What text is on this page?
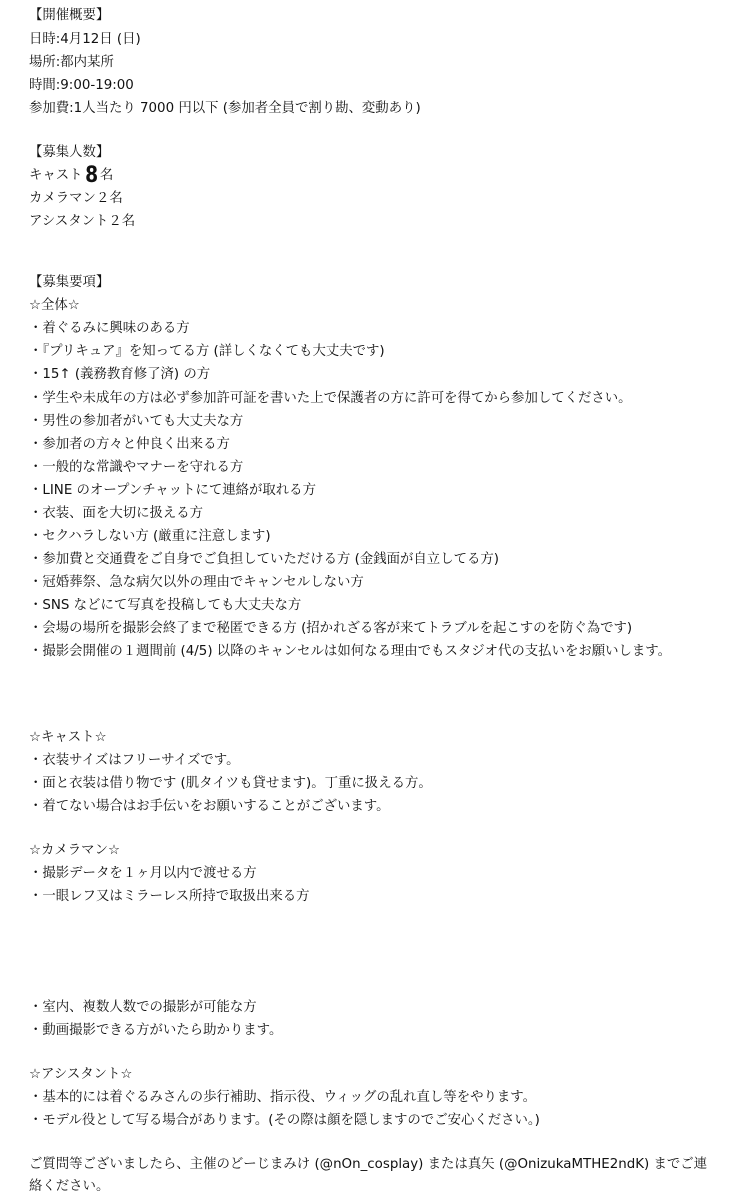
【開催概要】
日時:4月12日 (日)
場所:都内某所
時間:9:00-19:00
参加費:1人当たり 7000 円以下 (参加者全員で割り勘、変動あり)
【募集人数】
キャスト8 名
カメラマン２名
アシスタント２名
【募集要項】
☆全体☆
・着ぐるみに興味のある方
・『プリキュア』を知ってる方 (詳しくなくても大丈夫です)
・15↑ (義務教育修了済) の方
・学生や未成年の方は必ず参加許可証を書いた上で保護者の方に許可を得てから参加してください。
・男性の参加者がいても大丈夫な方
・参加者の方々と仲良く出来る方
・一般的な常識やマナーを守れる方
・LINE のオープンチャットにて連絡が取れる方
・衣装、面を大切に扱える方
・セクハラしない方 (厳重に注意します)
・参加費と交通費をご自身でご負担していただける方 (金銭面が自立してる方)
・冠婚葬祭、急な病欠以外の理由でキャンセルしない方
・SNS などにて写真を投稿しても大丈夫な方
・会場の場所を撮影会終了まで秘匿できる方 (招かれざる客が来てトラブルを起こすのを防ぐ為です)
・撮影会開催の１週間前 (4/5) 以降のキャンセルは如何なる理由でもスタジオ代の支払いをお願いします。
☆キャスト☆
・衣装サイズはフリーサイズです。
・面と衣装は借り物です (肌タイツも貸せます)。丁重に扱える方。
・着てない場合はお手伝いをお願いすることがございます。
☆カメラマン☆
・撮影データを１ヶ月以内で渡せる方
・一眼レフ又はミラーレス所持で取扱出来る方
・室内、複数人数での撮影が可能な方
・動画撮影できる方がいたら助かります。
☆アシスタント☆
・基本的には着ぐるみさんの歩行補助、指示役、ウィッグの乱れ直し等をやります。
・モデル役として写る場合があります。(その際は顔を隠しますのでご安心ください。)
ご質問等ございましたら、主催のどーじまみけ (@nOn_cosplay) または真矢 (@OnizukaMTHE2ndK) までご連絡ください。
